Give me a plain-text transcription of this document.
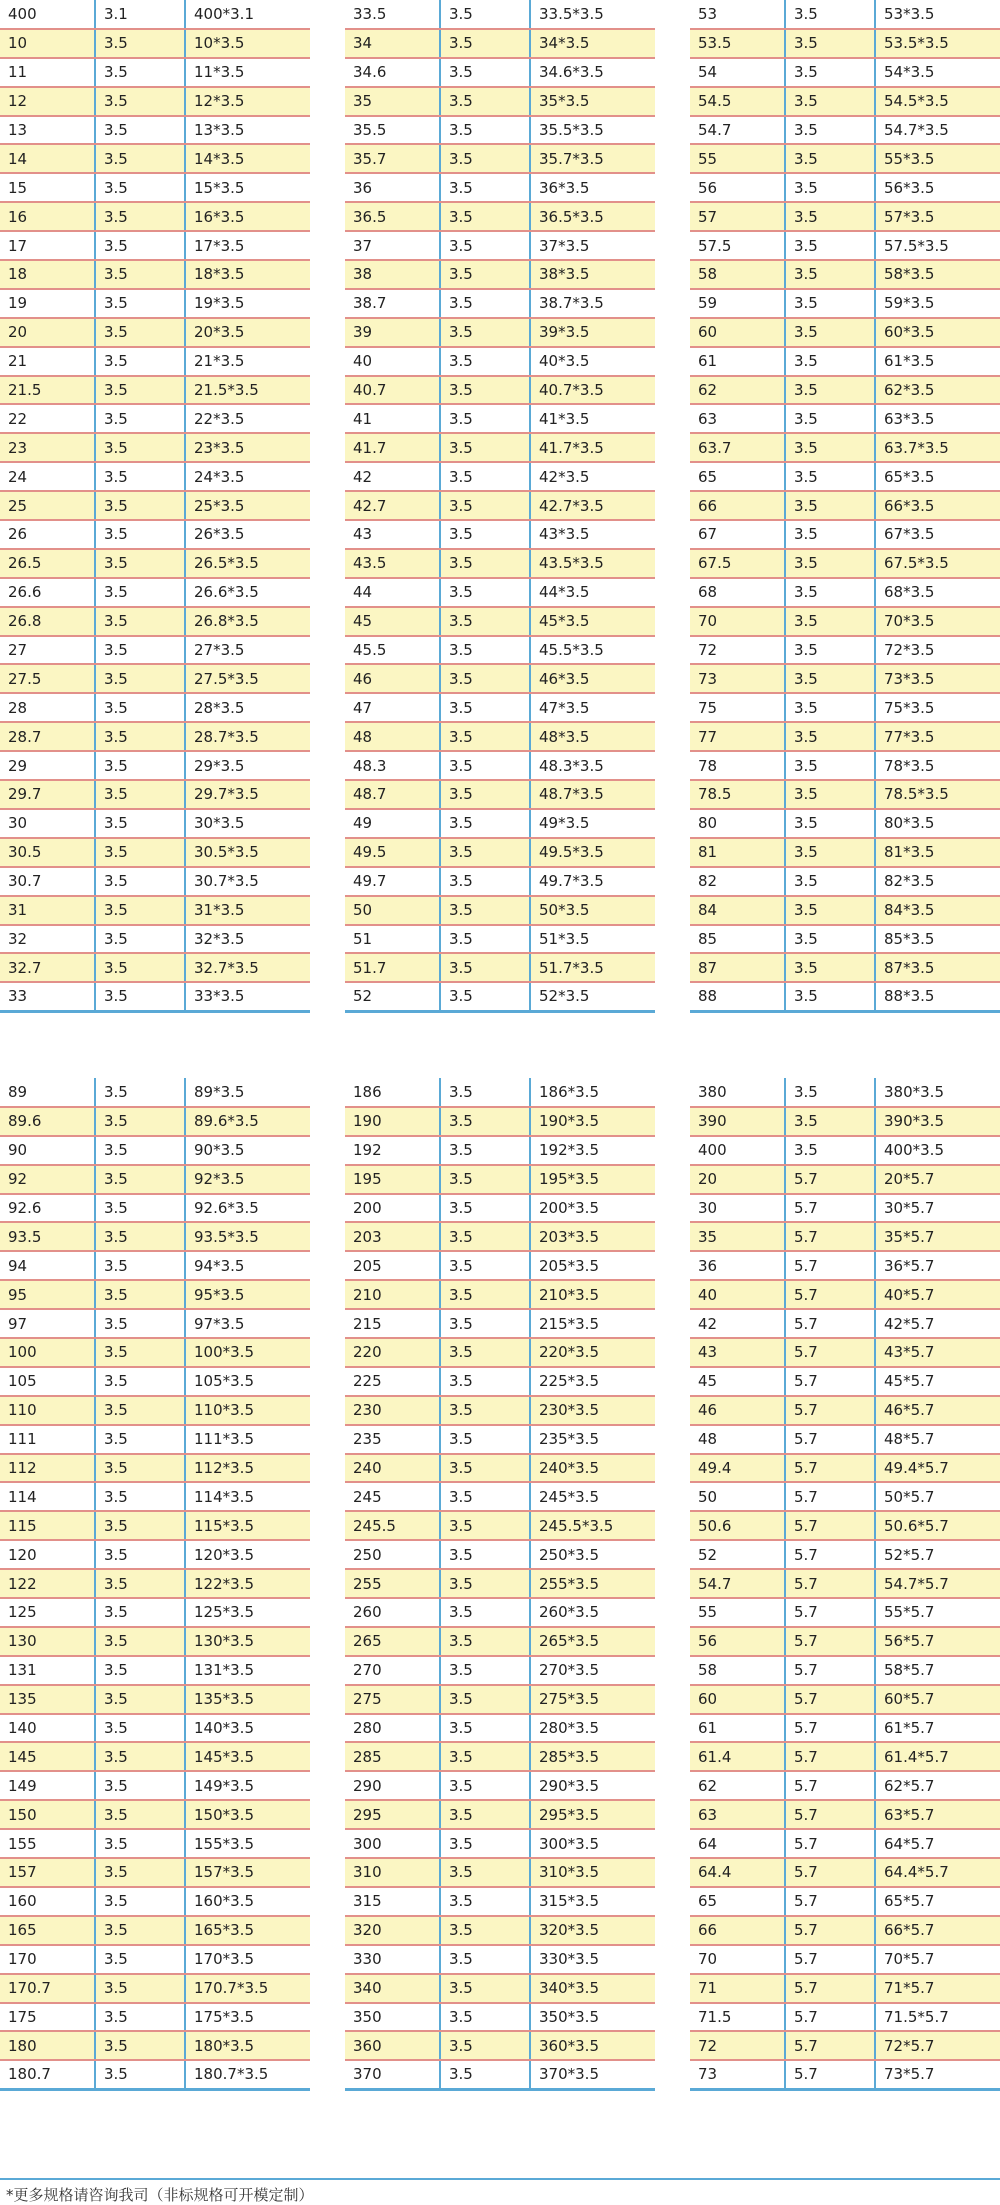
400	3.1	400*3.1
10	3.5	10*3.5
11	3.5	11*3.5
12	3.5	12*3.5
13	3.5	13*3.5
14	3.5	14*3.5
15	3.5	15*3.5
16	3.5	16*3.5
17	3.5	17*3.5
18	3.5	18*3.5
19	3.5	19*3.5
20	3.5	20*3.5
21	3.5	21*3.5
21.5	3.5	21.5*3.5
22	3.5	22*3.5
23	3.5	23*3.5
24	3.5	24*3.5
25	3.5	25*3.5
26	3.5	26*3.5
26.5	3.5	26.5*3.5
26.6	3.5	26.6*3.5
26.8	3.5	26.8*3.5
27	3.5	27*3.5
27.5	3.5	27.5*3.5
28	3.5	28*3.5
28.7	3.5	28.7*3.5
29	3.5	29*3.5
29.7	3.5	29.7*3.5
30	3.5	30*3.5
30.5	3.5	30.5*3.5
30.7	3.5	30.7*3.5
31	3.5	31*3.5
32	3.5	32*3.5
32.7	3.5	32.7*3.5
33	3.5	33*3.5
33.5	3.5	33.5*3.5
34	3.5	34*3.5
34.6	3.5	34.6*3.5
35	3.5	35*3.5
35.5	3.5	35.5*3.5
35.7	3.5	35.7*3.5
36	3.5	36*3.5
36.5	3.5	36.5*3.5
37	3.5	37*3.5
38	3.5	38*3.5
38.7	3.5	38.7*3.5
39	3.5	39*3.5
40	3.5	40*3.5
40.7	3.5	40.7*3.5
41	3.5	41*3.5
41.7	3.5	41.7*3.5
42	3.5	42*3.5
42.7	3.5	42.7*3.5
43	3.5	43*3.5
43.5	3.5	43.5*3.5
44	3.5	44*3.5
45	3.5	45*3.5
45.5	3.5	45.5*3.5
46	3.5	46*3.5
47	3.5	47*3.5
48	3.5	48*3.5
48.3	3.5	48.3*3.5
48.7	3.5	48.7*3.5
49	3.5	49*3.5
49.5	3.5	49.5*3.5
49.7	3.5	49.7*3.5
50	3.5	50*3.5
51	3.5	51*3.5
51.7	3.5	51.7*3.5
52	3.5	52*3.5
53	3.5	53*3.5
53.5	3.5	53.5*3.5
54	3.5	54*3.5
54.5	3.5	54.5*3.5
54.7	3.5	54.7*3.5
55	3.5	55*3.5
56	3.5	56*3.5
57	3.5	57*3.5
57.5	3.5	57.5*3.5
58	3.5	58*3.5
59	3.5	59*3.5
60	3.5	60*3.5
61	3.5	61*3.5
62	3.5	62*3.5
63	3.5	63*3.5
63.7	3.5	63.7*3.5
65	3.5	65*3.5
66	3.5	66*3.5
67	3.5	67*3.5
67.5	3.5	67.5*3.5
68	3.5	68*3.5
70	3.5	70*3.5
72	3.5	72*3.5
73	3.5	73*3.5
75	3.5	75*3.5
77	3.5	77*3.5
78	3.5	78*3.5
78.5	3.5	78.5*3.5
80	3.5	80*3.5
81	3.5	81*3.5
82	3.5	82*3.5
84	3.5	84*3.5
85	3.5	85*3.5
87	3.5	87*3.5
88	3.5	88*3.5
89	3.5	89*3.5
89.6	3.5	89.6*3.5
90	3.5	90*3.5
92	3.5	92*3.5
92.6	3.5	92.6*3.5
93.5	3.5	93.5*3.5
94	3.5	94*3.5
95	3.5	95*3.5
97	3.5	97*3.5
100	3.5	100*3.5
105	3.5	105*3.5
110	3.5	110*3.5
111	3.5	111*3.5
112	3.5	112*3.5
114	3.5	114*3.5
115	3.5	115*3.5
120	3.5	120*3.5
122	3.5	122*3.5
125	3.5	125*3.5
130	3.5	130*3.5
131	3.5	131*3.5
135	3.5	135*3.5
140	3.5	140*3.5
145	3.5	145*3.5
149	3.5	149*3.5
150	3.5	150*3.5
155	3.5	155*3.5
157	3.5	157*3.5
160	3.5	160*3.5
165	3.5	165*3.5
170	3.5	170*3.5
170.7	3.5	170.7*3.5
175	3.5	175*3.5
180	3.5	180*3.5
180.7	3.5	180.7*3.5
186	3.5	186*3.5
190	3.5	190*3.5
192	3.5	192*3.5
195	3.5	195*3.5
200	3.5	200*3.5
203	3.5	203*3.5
205	3.5	205*3.5
210	3.5	210*3.5
215	3.5	215*3.5
220	3.5	220*3.5
225	3.5	225*3.5
230	3.5	230*3.5
235	3.5	235*3.5
240	3.5	240*3.5
245	3.5	245*3.5
245.5	3.5	245.5*3.5
250	3.5	250*3.5
255	3.5	255*3.5
260	3.5	260*3.5
265	3.5	265*3.5
270	3.5	270*3.5
275	3.5	275*3.5
280	3.5	280*3.5
285	3.5	285*3.5
290	3.5	290*3.5
295	3.5	295*3.5
300	3.5	300*3.5
310	3.5	310*3.5
315	3.5	315*3.5
320	3.5	320*3.5
330	3.5	330*3.5
340	3.5	340*3.5
350	3.5	350*3.5
360	3.5	360*3.5
370	3.5	370*3.5
380	3.5	380*3.5
390	3.5	390*3.5
400	3.5	400*3.5
20	5.7	20*5.7
30	5.7	30*5.7
35	5.7	35*5.7
36	5.7	36*5.7
40	5.7	40*5.7
42	5.7	42*5.7
43	5.7	43*5.7
45	5.7	45*5.7
46	5.7	46*5.7
48	5.7	48*5.7
49.4	5.7	49.4*5.7
50	5.7	50*5.7
50.6	5.7	50.6*5.7
52	5.7	52*5.7
54.7	5.7	54.7*5.7
55	5.7	55*5.7
56	5.7	56*5.7
58	5.7	58*5.7
60	5.7	60*5.7
61	5.7	61*5.7
61.4	5.7	61.4*5.7
62	5.7	62*5.7
63	5.7	63*5.7
64	5.7	64*5.7
64.4	5.7	64.4*5.7
65	5.7	65*5.7
66	5.7	66*5.7
70	5.7	70*5.7
71	5.7	71*5.7
71.5	5.7	71.5*5.7
72	5.7	72*5.7
73	5.7	73*5.7
*更多规格请咨询我司（非标规格可开模定制）
